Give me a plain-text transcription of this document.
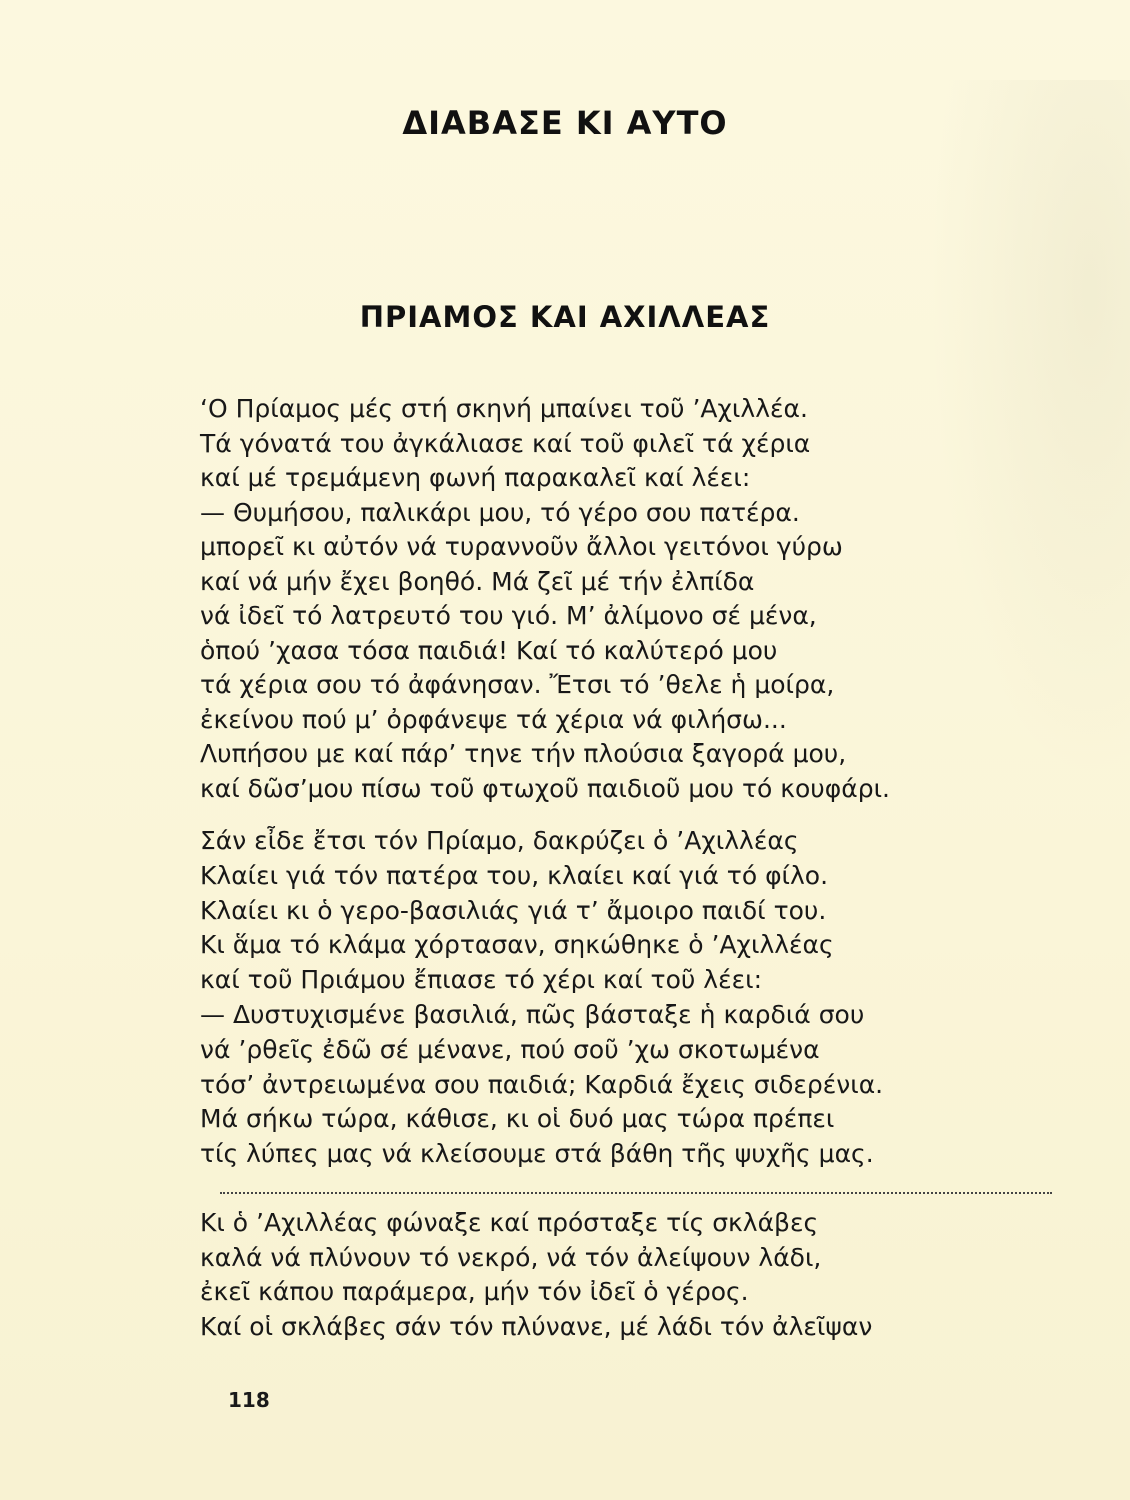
ΔΙΑΒΑΣΕ ΚΙ ΑΥΤΟ
ΠΡΙΑΜΟΣ ΚΑΙ ΑΧΙΛΛΕΑΣ
‘Ο Πρίαμος μές στή σκηνή μπαίνει τοῦ ’Αχιλλέα.
Τά γόνατά του ἀγκάλιασε καί τοῦ φιλεῖ τά χέρια
καί μέ τρεμάμενη φωνή παρακαλεῖ καί λέει:
— Θυμήσου, παλικάρι μου, τό γέρο σου πατέρα.
μπορεῖ κι αὐτόν νά τυραννοῦν ἄλλοι γειτόνοι γύρω
καί νά μήν ἔχει βοηθό. Μά ζεῖ μέ τήν ἐλπίδα
νά ἰδεῖ τό λατρευτό του γιό. Μ’ ἀλίμονο σέ μένα,
ὁπού ’χασα τόσα παιδιά! Καί τό καλύτερό μου
τά χέρια σου τό ἀφάνησαν. Ἔτσι τό ’θελε ἡ μοίρα,
ἐκείνου πού μ’ ὀρφάνεψε τά χέρια νά φιλήσω...
Λυπήσου με καί πάρ’ τηνε τήν πλούσια ξαγορά μου,
καί δῶσ’μου πίσω τοῦ φτωχοῦ παιδιοῦ μου τό κουφάρι.
Σάν εἶδε ἔτσι τόν Πρίαμο, δακρύζει ὁ ’Αχιλλέας
Κλαίει γιά τόν πατέρα του, κλαίει καί γιά τό φίλο.
Κλαίει κι ὁ γερο-βασιλιάς γιά τ’ ἄμοιρο παιδί του.
Κι ἅμα τό κλάμα χόρτασαν, σηκώθηκε ὁ ’Αχιλλέας
καί τοῦ Πριάμου ἔπιασε τό χέρι καί τοῦ λέει:
— Δυστυχισμένε βασιλιά, πῶς βάσταξε ἡ καρδιά σου
νά ’ρθεῖς ἐδῶ σέ μένανε, πού σοῦ ’χω σκοτωμένα
τόσ’ ἀντρειωμένα σου παιδιά; Καρδιά ἔχεις σιδερένια.
Μά σήκω τώρα, κάθισε, κι οἱ δυό μας τώρα πρέπει
τίς λύπες μας νά κλείσουμε στά βάθη τῆς ψυχῆς μας.
Κι ὁ ’Αχιλλέας φώναξε καί πρόσταξε τίς σκλάβες
καλά νά πλύνουν τό νεκρό, νά τόν ἀλείψουν λάδι,
ἐκεῖ κάπου παράμερα, μήν τόν ἰδεῖ ὁ γέρος.
Καί οἱ σκλάβες σάν τόν πλύνανε, μέ λάδι τόν ἀλεῖψαν
118
